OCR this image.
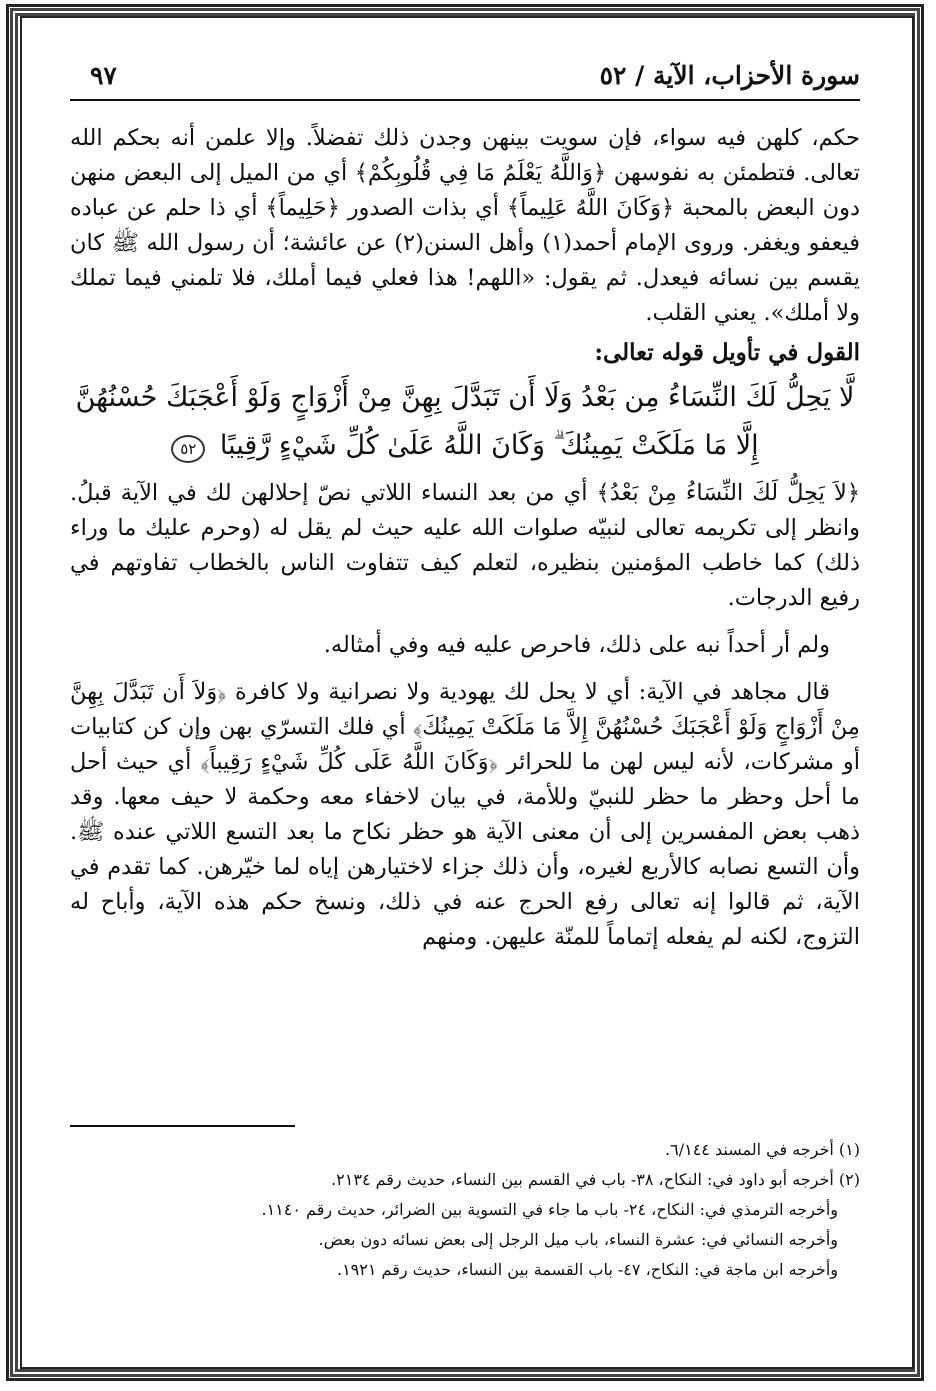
سورة الأحزاب، الآية / ٥٢
٩٧

حكم، كلهن فيه سواء، فإن سويت بينهن وجدن ذلك تفضلاً. وإلا علمن أنه بحكم الله تعالى. فتطمئن به نفوسهن ﴿وَاللَّهُ يَعْلَمُ مَا فِي قُلُوبِكُمْ﴾ أي من الميل إلى البعض منهن دون البعض بالمحبة ﴿وَكَانَ اللَّهُ عَلِيماً﴾ أي بذات الصدور ﴿حَلِيماً﴾ أي ذا حلم عن عباده فيعفو ويغفر. وروى الإمام أحمد(١) وأهل السنن(٢) عن عائشة؛ أن رسول الله ﷺ كان يقسم بين نسائه فيعدل. ثم يقول: «اللهم! هذا فعلي فيما أملك، فلا تلمني فيما تملك ولا أملك». يعني القلب.

القول في تأويل قوله تعالى:

لَّا يَحِلُّ لَكَ النِّسَاءُ مِن بَعْدُ وَلَا أَن تَبَدَّلَ بِهِنَّ مِنْ أَزْوَاجٍ وَلَوْ أَعْجَبَكَ حُسْنُهُنَّ
إِلَّا مَا مَلَكَتْ يَمِينُكَ ۗ وَكَانَ اللَّهُ عَلَىٰ كُلِّ شَيْءٍ رَّقِيبًا ٥٢

﴿لاَ يَحِلُّ لَكَ النِّسَاءُ مِنْ بَعْدُ﴾ أي من بعد النساء اللاتي نصّ إحلالهن لك في الآية قبلُ. وانظر إلى تكريمه تعالى لنبيّه صلوات الله عليه حيث لم يقل له (وحرم عليك ما وراء ذلك) كما خاطب المؤمنين بنظيره، لتعلم كيف تتفاوت الناس بالخطاب تفاوتهم في رفيع الدرجات.

ولم أر أحداً نبه على ذلك، فاحرص عليه فيه وفي أمثاله.

قال مجاهد في الآية: أي لا يحل لك يهودية ولا نصرانية ولا كافرة ﴿وَلاَ أَن تَبَدَّلَ بِهِنَّ مِنْ أَزْوَاجٍ وَلَوْ أَعْجَبَكَ حُسْنُهُنَّ إِلاَّ مَا مَلَكَتْ يَمِينُكَ﴾ أي فلك التسرّي بهن وإن كن كتابيات أو مشركات، لأنه ليس لهن ما للحرائر ﴿وَكَانَ اللَّهُ عَلَى كُلِّ شَيْءٍ رَقِيباً﴾ أي حيث أحل ما أحل وحظر ما حظر للنبيّ وللأمة، في بيان لاخفاء معه وحكمة لا حيف معها. وقد ذهب بعض المفسرين إلى أن معنى الآية هو حظر نكاح ما بعد التسع اللاتي عنده ﷺ. وأن التسع نصابه كالأربع لغيره، وأن ذلك جزاء لاختيارهن إياه لما خيّرهن. كما تقدم في الآية، ثم قالوا إنه تعالى رفع الحرج عنه في ذلك، ونسخ حكم هذه الآية، وأباح له التزوج، لكنه لم يفعله إتماماً للمنّة عليهن. ومنهم

(١) أخرجه في المسند ٦/١٤٤.

(٢) أخرجه أبو داود في: النكاح، ٣٨- باب في القسم بين النساء، حديث رقم ٢١٣٤.

وأخرجه الترمذي في: النكاح، ٢٤- باب ما جاء في التسوية بين الضرائر، حديث رقم ١١٤٠.

وأخرجه النسائي في: عشرة النساء، باب ميل الرجل إلى بعض نسائه دون بعض.

وأخرجه ابن ماجة في: النكاح، ٤٧- باب القسمة بين النساء، حديث رقم ١٩٢١.
